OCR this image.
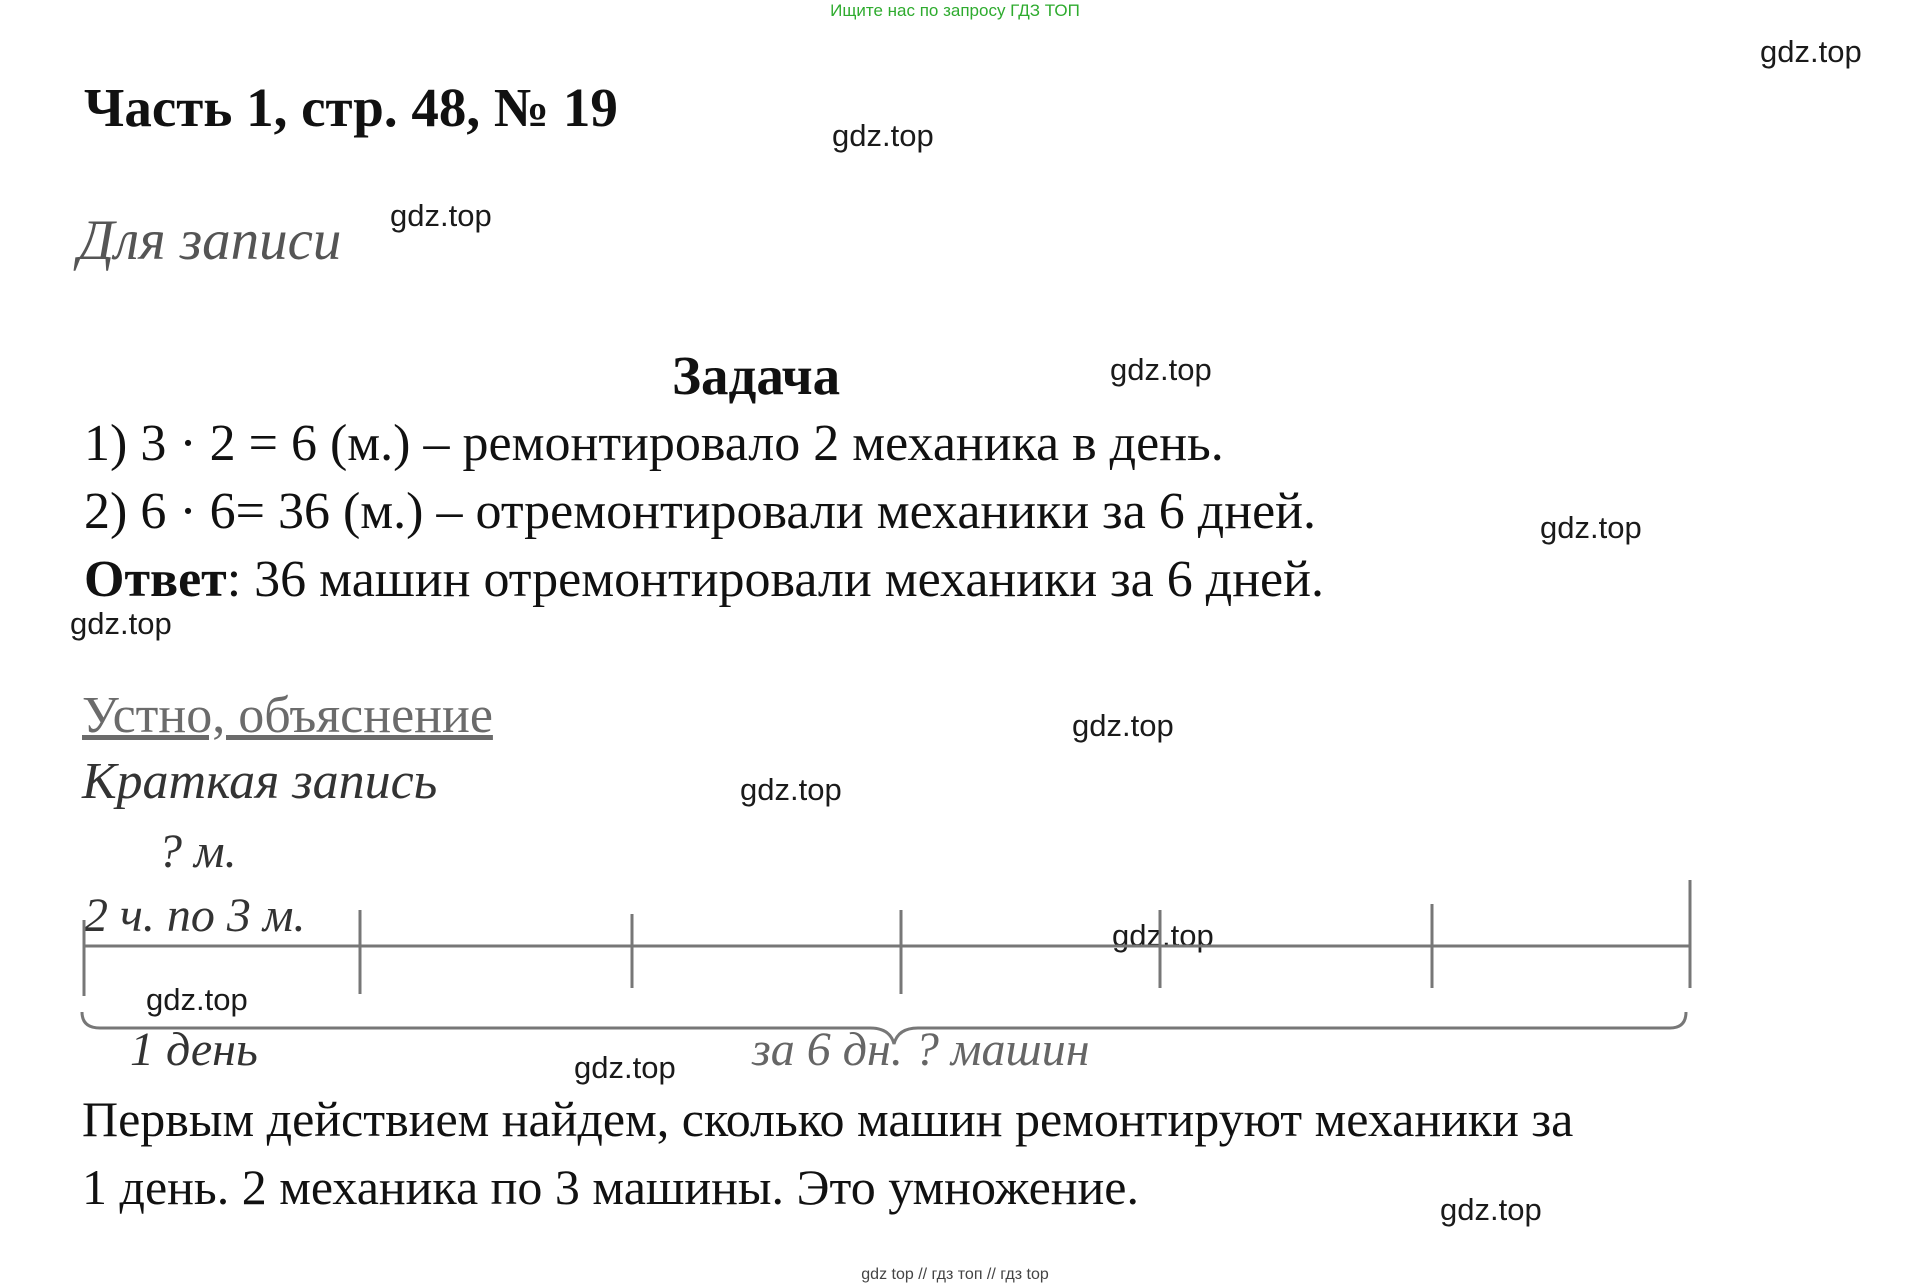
Ищите нас по запросу ГДЗ ТОП
gdz.top
gdz.top
gdz.top
gdz.top
gdz.top
gdz.top
gdz.top
gdz.top
gdz.top
gdz.top
gdz.top
gdz.top
Часть 1, стр. 48, № 19
Для записи
Задача
1) 3 · 2 = 6 (м.) – ремонтировало 2 механика в день.
2) 6 · 6= 36 (м.) – отремонтировали механики за 6 дней.
Ответ: 36 машин отремонтировали механики за 6 дней.
Устно, объяснение
Краткая запись
? м.
2 ч. по 3 м.
1 день	за 6 дн. ? машин
Первым действием найдем, сколько машин ремонтируют механики за
1 день. 2 механика по 3 машины. Это умножение.
gdz top // гдз топ // гдз top
